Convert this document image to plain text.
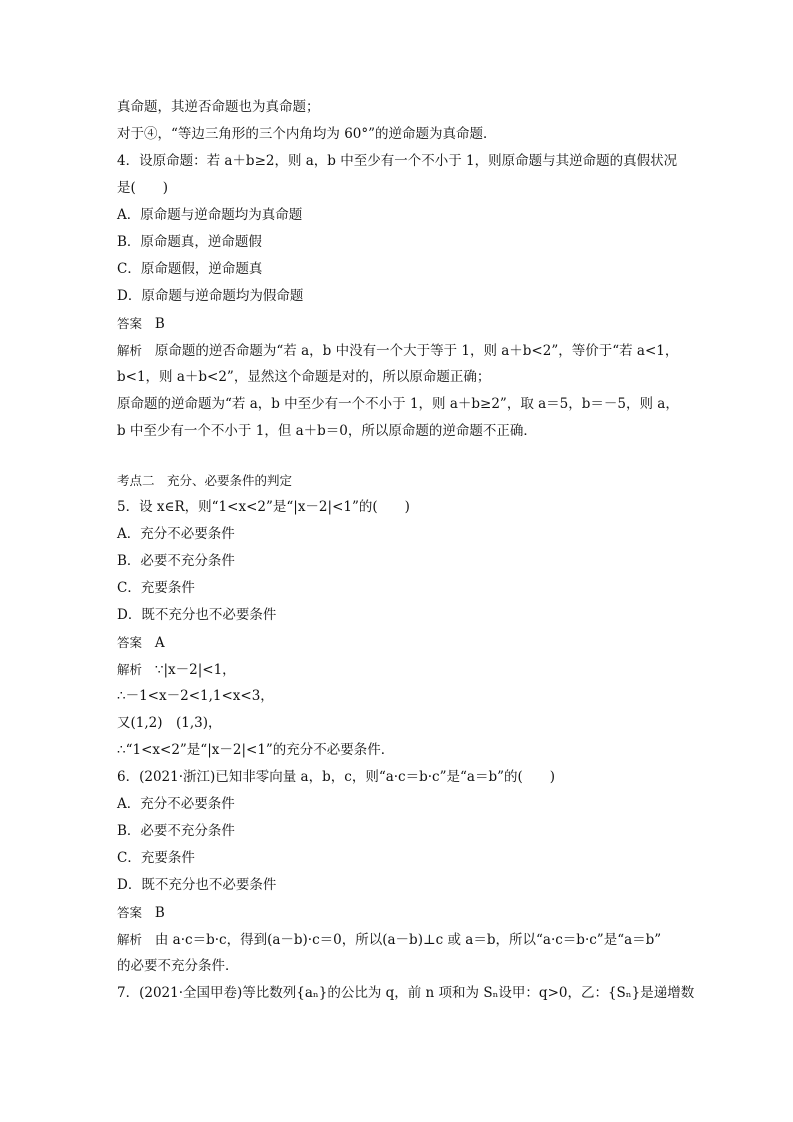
真命题，其逆否命题也为真命题；
对于④，“等边三角形的三个内角均为 60°”的逆命题为真命题．
4．设原命题：若 a＋b≥2，则 a，b 中至少有一个不小于 1，则原命题与其逆命题的真假状况
是(　　)
A．原命题与逆命题均为真命题
B．原命题真，逆命题假
C．原命题假，逆命题真
D．原命题与逆命题均为假命题
答案 B
解析 原命题的逆否命题为“若 a，b 中没有一个大于等于 1，则 a＋b<2”，等价于“若 a<1，
b<1，则 a＋b<2”，显然这个命题是对的，所以原命题正确；
原命题的逆命题为“若 a，b 中至少有一个不小于 1，则 a＋b≥2”，取 a＝5，b＝－5，则 a，
b 中至少有一个不小于 1，但 a＋b＝0，所以原命题的逆命题不正确．
考点二　充分、必要条件的判定
5．设 x∈R，则“1<x<2”是“|x－2|<1”的(　　)
A．充分不必要条件
B．必要不充分条件
C．充要条件
D．既不充分也不必要条件
答案 A
解析 ∵|x－2|<1，
∴－1<x－2<1,1<x<3，
又(1,2)　(1,3)，
∴“1<x<2”是“|x－2|<1”的充分不必要条件．
6．(2021·浙江)已知非零向量 a，b，c，则“a·c＝b·c”是“a＝b”的(　　)
A．充分不必要条件
B．必要不充分条件
C．充要条件
D．既不充分也不必要条件
答案 B
解析 由 a·c＝b·c，得到(a－b)·c＝0，所以(a－b)⊥c 或 a＝b，所以“a·c＝b·c”是“a＝b”
的必要不充分条件．
7．(2021·全国甲卷)等比数列{aₙ}的公比为 q，前 n 项和为 Sₙ设甲：q>0，乙：{Sₙ}是递增数
